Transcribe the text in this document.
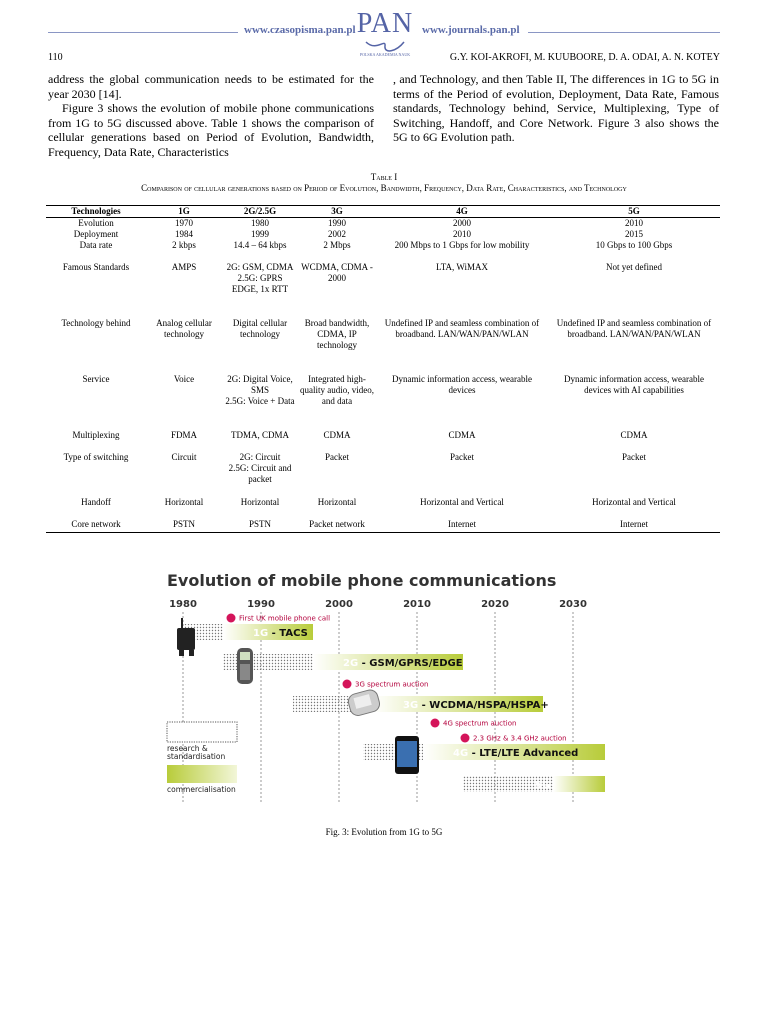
www.czasopisma.pan.pl PAN
POLSKA AKADEMIA NAUK
www.journals.pan.pl
110	G.Y. KOI-AKROFI, M. KUUBOORE, D. A. ODAI, A. N. KOTEY

address the global communication needs to be estimated for the year 2030 [14].

Figure 3 shows the evolution of mobile phone communications from 1G to 5G discussed above. Table 1 shows the comparison of cellular generations based on Period of Evolution, Bandwidth, Frequency, Data Rate, Characteristics

, and Technology, and then Table II, The differences in 1G to 5G in terms of the Period of evolution, Deployment, Data Rate, Famous standards, Technology behind, Service, Multiplexing, Type of Switching, Handoff, and Core Network. Figure 3 also shows the 5G to 6G Evolution path.

Table I
Comparison of cellular generations based on Period of Evolution, Bandwidth, Frequency, Data Rate, Characteristics, and Technology
Technologies	1G	2G/2.5G	3G	4G	5G
Evolution	1970	1980	1990	2000	2010
Deployment	1984	1999	2002	2010	2015
Data rate	2 kbps	14.4 – 64 kbps	2 Mbps	200 Mbps to 1 Gbps for low mobility	10 Gbps to 100 Gbps
Famous Standards	AMPS	2G: GSM, CDMA
2.5G: GPRS EDGE, 1x RTT	WCDMA, CDMA - 2000	LTA, WiMAX	Not yet defined
Technology behind	Analog cellular technology	Digital cellular technology	Broad bandwidth, CDMA, IP technology	Undefined IP and seamless combination of broadband. LAN/WAN/PAN/WLAN	Undefined IP and seamless combination of broadband. LAN/WAN/PAN/WLAN
Service	Voice	2G: Digital Voice, SMS
2.5G: Voice + Data	Integrated high-quality audio, video, and data	Dynamic information access, wearable devices	Dynamic information access, wearable devices with AI capabilities
Multiplexing	FDMA	TDMA, CDMA	CDMA	CDMA	CDMA
Type of switching	Circuit	2G: Circuit
2.5G: Circuit and packet	Packet	Packet	Packet
Handoff	Horizontal	Horizontal	Horizontal	Horizontal and Vertical	Horizontal and Vertical
Core network	PSTN	PSTN	Packet network	Internet	Internet
Evolution of mobile phone communications
1980	1990	2000	2010	2020	2030
1G - TACS
2G - GSM/GPRS/EDGE
3G - WCDMA/HSPA/HSPA+
4G - LTE/LTE Advanced
5G
First UK mobile phone call
3G spectrum auction
4G spectrum auction
2.3 GHz & 3.4 GHz auction
research &
standardisation
commercialisation
Fig. 3: Evolution from 1G to 5G
